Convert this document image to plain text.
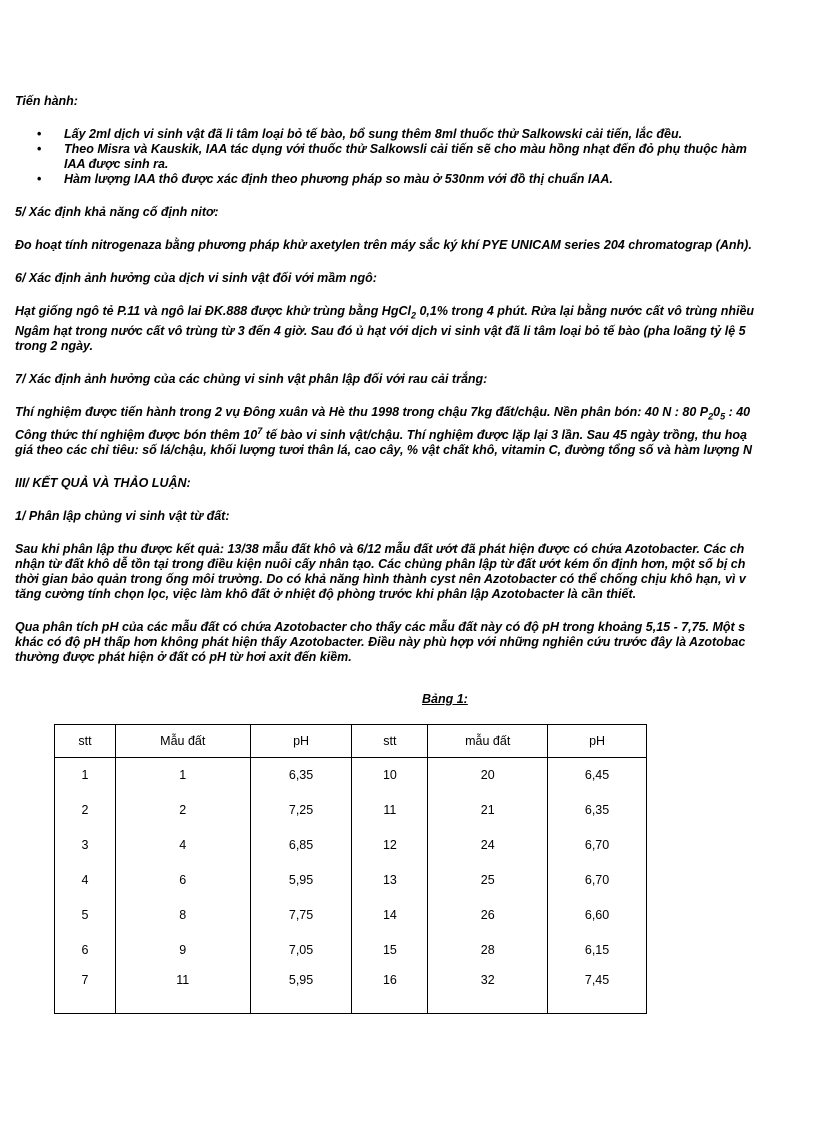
Tiến hành:
• Lấy 2ml dịch vi sinh vật đã li tâm loại bỏ tế bào, bổ sung thêm 8ml thuốc thử Salkowski cải tiến, lắc đều.
• Theo Misra và Kauskik, IAA tác dụng với thuốc thử Salkowsli cải tiến sẽ cho màu hồng nhạt đến đỏ phụ thuộc hàm
IAA được sinh ra.
• Hàm lượng IAA thô được xác định theo phương pháp so màu ở 530nm với đồ thị chuẩn IAA.
5/ Xác định khả năng cố định nitơ:
Đo hoạt tính nitrogenaza bằng phương pháp khử axetylen trên máy sắc ký khí PYE UNICAM series 204 chromatograp (Anh).
6/ Xác định ảnh hưởng của dịch vi sinh vật đối với mầm ngô:
Hạt giống ngô tẻ P.11 và ngô lai ĐK.888 được khử trùng bằng HgCl$_2$ 0,1% trong 4 phút. Rửa lại bằng nước cất vô trùng nhiều
Ngâm hạt trong nước cất vô trùng từ 3 đến 4 giờ. Sau đó ủ hạt với dịch vi sinh vật đã li tâm loại bỏ tế bào (pha loãng tỷ lệ 5
trong 2 ngày.
7/ Xác định ảnh hưởng của các chủng vi sinh vật phân lập đối với rau cải trắng:
Thí nghiệm được tiến hành trong 2 vụ Đông xuân và Hè thu 1998 trong chậu 7kg đất/chậu. Nền phân bón: 40 N : 80 $P_20_5$ : 40
Công thức thí nghiệm được bón thêm $10^7$ tế bào vi sinh vật/chậu. Thí nghiệm được lặp lại 3 lần. Sau 45 ngày trồng, thu hoạ
giá theo các chỉ tiêu: số lá/chậu, khối lượng tươi thân lá, cao cây, % vật chất khô, vitamin C, đường tổng số và hàm lượng N
III/ KẾT QUẢ VÀ THẢO LUẬN:
1/ Phân lập chủng vi sinh vật từ đất:
Sau khi phân lập thu được kết quả: 13/38 mẫu đất khô và 6/12 mẫu đất ướt đã phát hiện được có chứa Azotobacter. Các ch
nhận từ đất khô dễ tồn tại trong điều kiện nuôi cấy nhân tạo. Các chủng phân lập từ đất ướt kém ổn định hơn, một số bị ch
thời gian bảo quản trong ống môi trường. Do có khả năng hình thành cyst nên Azotobacter có thể chống chịu khô hạn, vì v
tăng cường tính chọn lọc, việc làm khô đất ở nhiệt độ phòng trước khi phân lập Azotobacter là cần thiết.
Qua phân tích pH của các mẫu đất có chứa Azotobacter cho thấy các mẫu đất này có độ pH trong khoảng 5,15 - 7,75. Một s
khác có độ pH thấp hơn không phát hiện thấy Azotobacter. Điều này phù hợp với những nghiên cứu trước đây là Azotobac
thường được phát hiện ở đất có pH từ hơi axit đến kiềm.
Bảng 1:
stt	Mẫu đất	pH	stt	mẫu đất	pH
1	1	6,35	10	20	6,45
2	2	7,25	11	21	6,35
3	4	6,85	12	24	6,70
4	6	5,95	13	25	6,70
5	8	7,75	14	26	6,60
6	9	7,05	15	28	6,15
7	11	5,95	16	32	7,45
